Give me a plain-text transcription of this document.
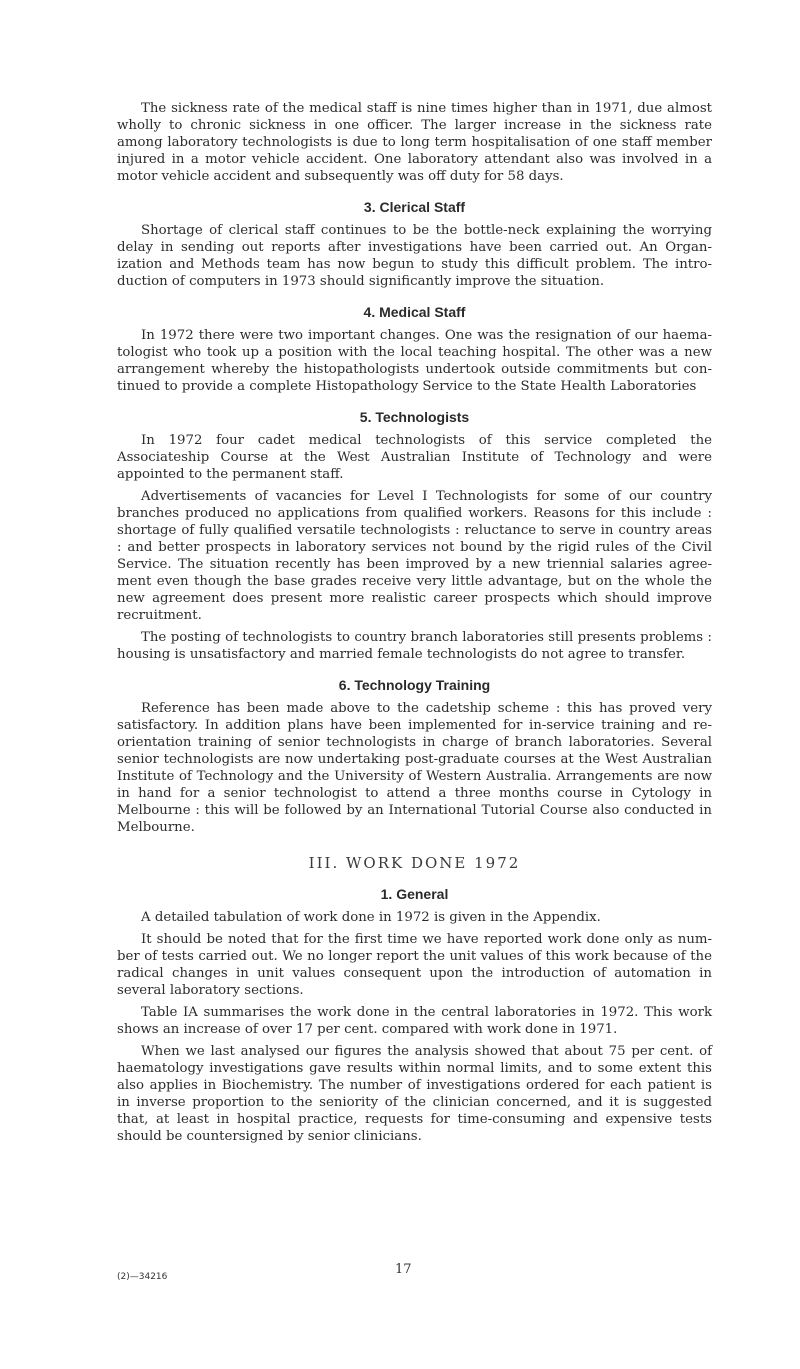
The sickness rate of the medical staff is nine times higher than in 1971, due almost wholly to chronic sickness in one officer. The larger increase in the sickness rate among laboratory technologists is due to long term hospitalisation of one staff member injured in a motor vehicle accident. One laboratory attendant also was involved in a motor vehicle accident and subsequently was off duty for 58 days.

3. Clerical Staff

Shortage of clerical staff continues to be the bottle-neck explaining the worrying delay in sending out reports after investigations have been carried out. An Organization and Methods team has now begun to study this difficult problem. The introduction of computers in 1973 should significantly improve the situation.

4. Medical Staff

In 1972 there were two important changes. One was the resignation of our haematologist who took up a position with the local teaching hospital. The other was a new arrangement whereby the histopathologists undertook outside commitments but continued to provide a complete Histopathology Service to the State Health Laboratories

5. Technologists

In 1972 four cadet medical technologists of this service completed the Associateship Course at the West Australian Institute of Technology and were appointed to the permanent staff.

Advertisements of vacancies for Level I Technologists for some of our country branches produced no applications from qualified workers. Reasons for this include : shortage of fully qualified versatile technologists : reluctance to serve in country areas : and better prospects in laboratory services not bound by the rigid rules of the Civil Service. The situation recently has been improved by a new triennial salaries agreement even though the base grades receive very little advantage, but on the whole the new agreement does present more realistic career prospects which should improve recruitment.

The posting of technologists to country branch laboratories still presents problems : housing is unsatisfactory and married female technologists do not agree to transfer.

6. Technology Training

Reference has been made above to the cadetship scheme : this has proved very satisfactory. In addition plans have been implemented for in-service training and re-orientation training of senior technologists in charge of branch laboratories. Several senior technologists are now undertaking post-graduate courses at the West Australian Institute of Technology and the University of Western Australia. Arrangements are now in hand for a senior technologist to attend a three months course in Cytology in Melbourne : this will be followed by an International Tutorial Course also conducted in Melbourne.

III. WORK DONE 1972
1. General

A detailed tabulation of work done in 1972 is given in the Appendix.

It should be noted that for the first time we have reported work done only as number of tests carried out. We no longer report the unit values of this work because of the radical changes in unit values consequent upon the introduction of automation in several laboratory sections.

Table IA summarises the work done in the central laboratories in 1972. This work shows an increase of over 17 per cent. compared with work done in 1971.

When we last analysed our figures the analysis showed that about 75 per cent. of haematology investigations gave results within normal limits, and to some extent this also applies in Biochemistry. The number of investigations ordered for each patient is in inverse proportion to the seniority of the clinician concerned, and it is suggested that, at least in hospital practice, requests for time-consuming and expensive tests should be countersigned by senior clinicians.

17
(2)—34216
